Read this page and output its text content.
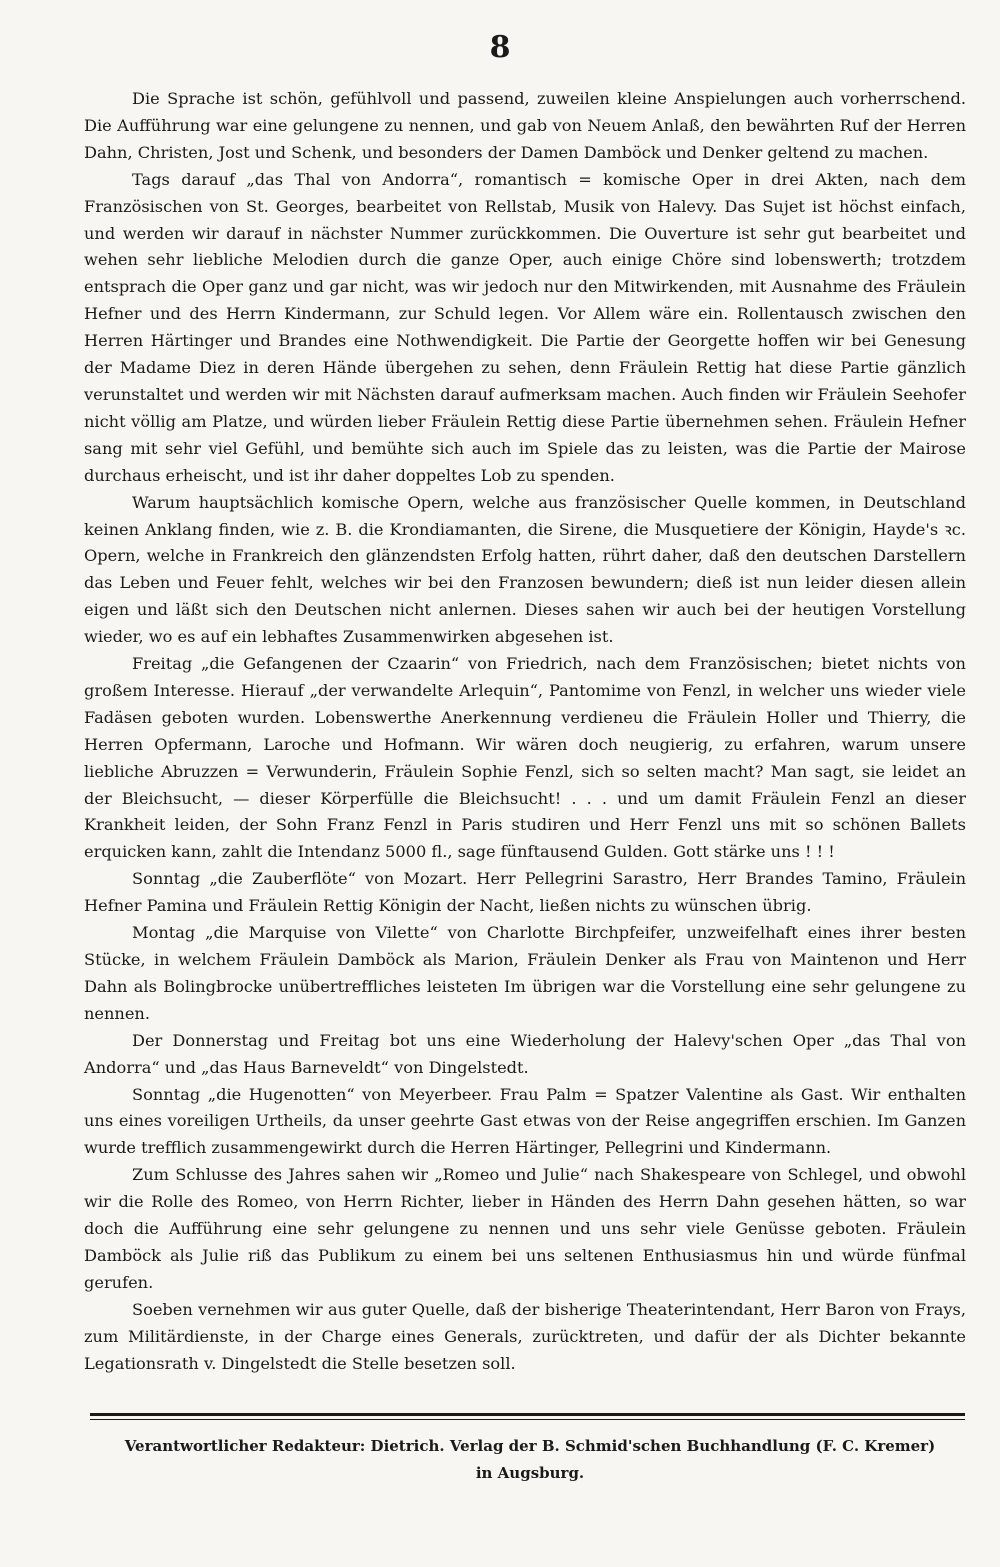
8

Die Sprache ist schön, gefühlvoll und passend, zuweilen kleine Anspielungen auch vorherrschend. Die Aufführung war eine gelungene zu nennen, und gab von Neuem Anlaß, den bewährten Ruf der Herren Dahn, Christen, Jost und Schenk, und besonders der Damen Damböck und Denker geltend zu machen.

Tags darauf „das Thal von Andorra“, romantisch = komische Oper in drei Akten, nach dem Französischen von St. Georges, bearbeitet von Rellstab, Musik von Halevy. Das Sujet ist höchst einfach, und werden wir darauf in nächster Nummer zurückkommen. Die Ouverture ist sehr gut bearbeitet und wehen sehr liebliche Melodien durch die ganze Oper, auch einige Chöre sind lobenswerth; trotzdem entsprach die Oper ganz und gar nicht, was wir jedoch nur den Mitwirkenden, mit Ausnahme des Fräulein Hefner und des Herrn Kindermann, zur Schuld legen. Vor Allem wäre ein. Rollentausch zwischen den Herren Härtinger und Brandes eine Nothwendigkeit. Die Partie der Georgette hoffen wir bei Genesung der Madame Diez in deren Hände übergehen zu sehen, denn Fräulein Rettig hat diese Partie gänzlich verunstaltet und werden wir mit Nächsten darauf aufmerksam machen. Auch finden wir Fräulein Seehofer nicht völlig am Platze, und würden lieber Fräulein Rettig diese Partie übernehmen sehen. Fräulein Hefner sang mit sehr viel Gefühl, und bemühte sich auch im Spiele das zu leisten, was die Partie der Mairose durchaus erheischt, und ist ihr daher doppeltes Lob zu spenden.

Warum hauptsächlich komische Opern, welche aus französischer Quelle kommen, in Deutschland keinen Anklang finden, wie z. B. die Krondiamanten, die Sirene, die Musquetiere der Königin, Hayde's ꝛc. Opern, welche in Frankreich den glänzendsten Erfolg hatten, rührt daher, daß den deutschen Darstellern das Leben und Feuer fehlt, welches wir bei den Franzosen bewundern; dieß ist nun leider diesen allein eigen und läßt sich den Deutschen nicht anlernen. Dieses sahen wir auch bei der heutigen Vorstellung wieder, wo es auf ein lebhaftes Zusammenwirken abgesehen ist.

Freitag „die Gefangenen der Czaarin“ von Friedrich, nach dem Französischen; bietet nichts von großem Interesse. Hierauf „der verwandelte Arlequin“, Pantomime von Fenzl, in welcher uns wieder viele Fadäsen geboten wurden. Lobenswerthe Anerkennung verdieneu die Fräulein Holler und Thierry, die Herren Opfermann, Laroche und Hofmann. Wir wären doch neugierig, zu erfahren, warum unsere liebliche Abruzzen = Verwunderin, Fräulein Sophie Fenzl, sich so selten macht? Man sagt, sie leidet an der Bleichsucht, — dieser Körperfülle die Bleichsucht! . . . und um damit Fräulein Fenzl an dieser Krankheit leiden, der Sohn Franz Fenzl in Paris studiren und Herr Fenzl uns mit so schönen Ballets erquicken kann, zahlt die Intendanz 5000 fl., sage fünftausend Gulden. Gott stärke uns ! ! !

Sonntag „die Zauberflöte“ von Mozart. Herr Pellegrini Sarastro, Herr Brandes Tamino, Fräulein Hefner Pamina und Fräulein Rettig Königin der Nacht, ließen nichts zu wünschen übrig.

Montag „die Marquise von Vilette“ von Charlotte Birchpfeifer, unzweifelhaft eines ihrer besten Stücke, in welchem Fräulein Damböck als Marion, Fräulein Denker als Frau von Maintenon und Herr Dahn als Bolingbrocke unübertreffliches leisteten Im übrigen war die Vorstellung eine sehr gelungene zu nennen.

Der Donnerstag und Freitag bot uns eine Wiederholung der Halevy'schen Oper „das Thal von Andorra“ und „das Haus Barneveldt“ von Dingelstedt.

Sonntag „die Hugenotten“ von Meyerbeer. Frau Palm = Spatzer Valentine als Gast. Wir enthalten uns eines voreiligen Urtheils, da unser geehrte Gast etwas von der Reise angegriffen erschien. Im Ganzen wurde trefflich zusammengewirkt durch die Herren Härtinger, Pellegrini und Kindermann.

Zum Schlusse des Jahres sahen wir „Romeo und Julie“ nach Shakespeare von Schlegel, und obwohl wir die Rolle des Romeo, von Herrn Richter, lieber in Händen des Herrn Dahn gesehen hätten, so war doch die Aufführung eine sehr gelungene zu nennen und uns sehr viele Genüsse geboten. Fräulein Damböck als Julie riß das Publikum zu einem bei uns seltenen Enthusiasmus hin und würde fünfmal gerufen.

Soeben vernehmen wir aus guter Quelle, daß der bisherige Theaterintendant, Herr Baron von Frays, zum Militärdienste, in der Charge eines Generals, zurücktreten, und dafür der als Dichter bekannte Legationsrath v. Dingelstedt die Stelle besetzen soll.

Verantwortlicher Redakteur: Dietrich. Verlag der B. Schmid'schen Buchhandlung (F. C. Kremer)
in Augsburg.
